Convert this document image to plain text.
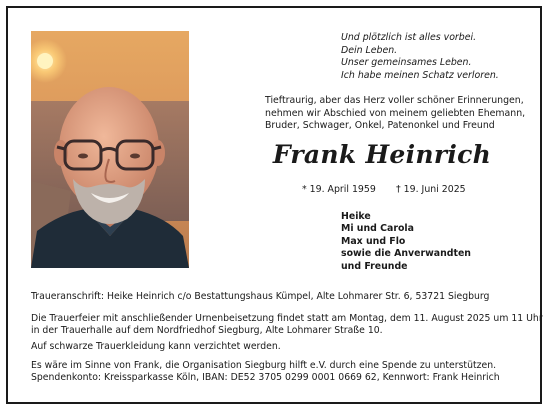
Und plötzlich ist alles vorbei.
Dein Leben.
Unser gemeinsames Leben.
Ich habe meinen Schatz verloren.
Tieftraurig, aber das Herz voller schöner Erinnerungen,
nehmen wir Abschied von meinem geliebten Ehemann,
Bruder, Schwager, Onkel, Patenonkel und Freund
Frank Heinrich
* 19. April 1959 † 19. Juni 2025
Heike
Mi und Carola
Max und Flo
sowie die Anverwandten
und Freunde
Traueranschrift: Heike Heinrich c/o Bestattungshaus Kümpel, Alte Lohmarer Str. 6, 53721 Siegburg
Die Trauerfeier mit anschließender Urnenbeisetzung findet statt am Montag, dem 11. August 2025 um 11 Uhr
in der Trauerhalle auf dem Nordfriedhof Siegburg, Alte Lohmarer Straße 10.
Auf schwarze Trauerkleidung kann verzichtet werden.
Es wäre im Sinne von Frank, die Organisation Siegburg hilft e.V. durch eine Spende zu unterstützen.
Spendenkonto: Kreissparkasse Köln, IBAN: DE52 3705 0299 0001 0669 62, Kennwort: Frank Heinrich
